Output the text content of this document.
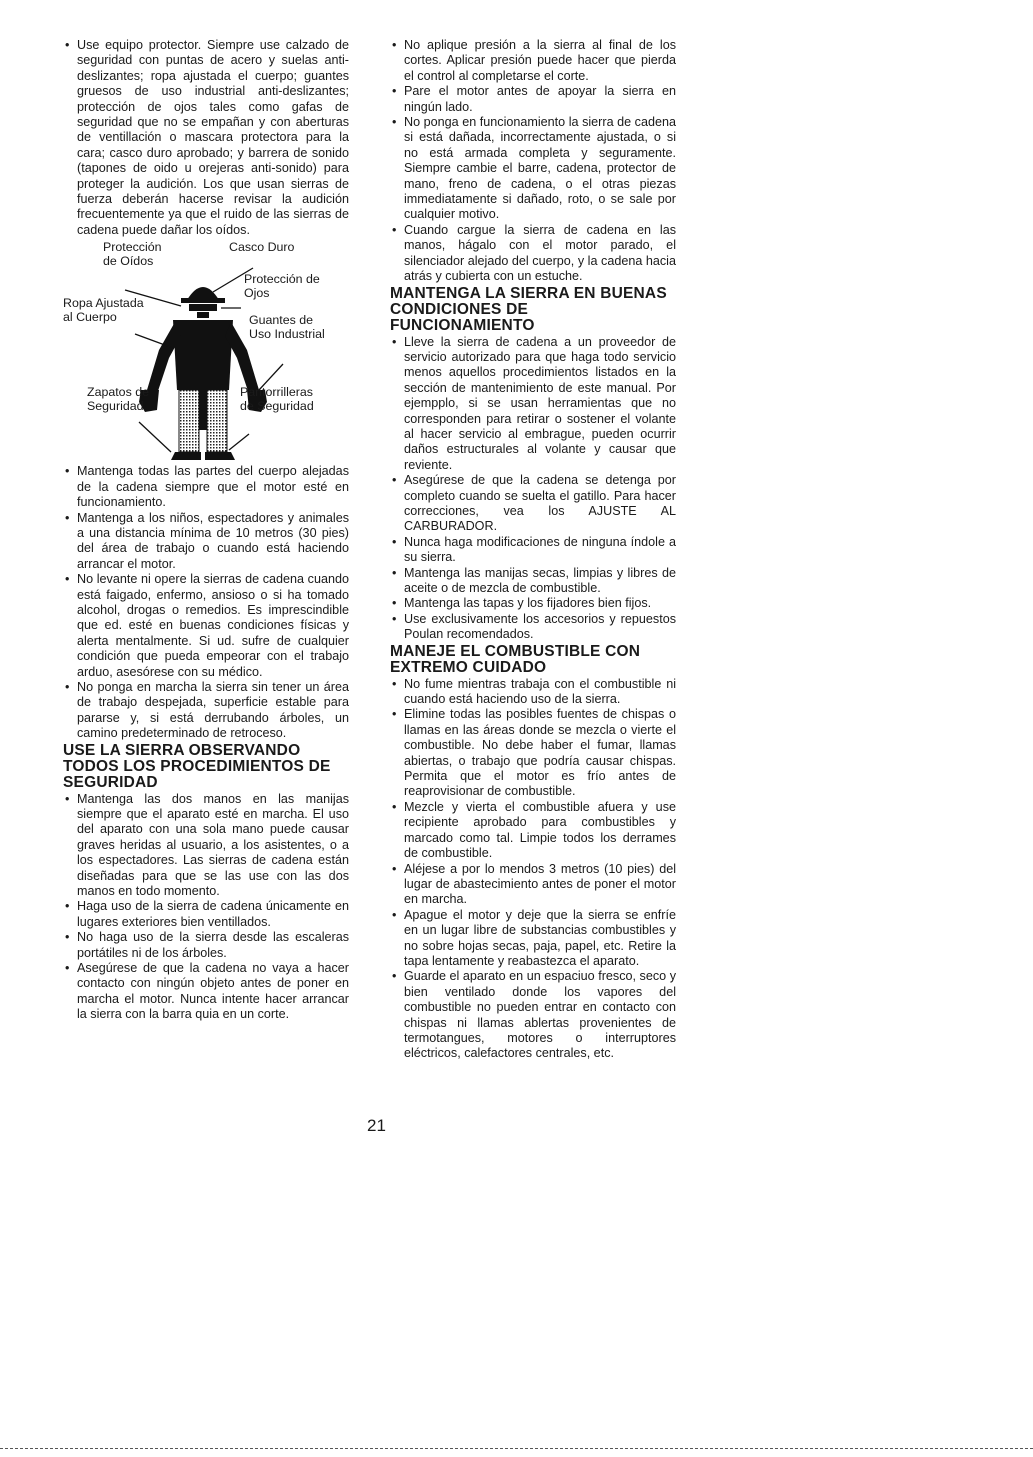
• Use equipo protector. Siempre use calzado de seguridad con puntas de acero y suelas anti-deslizantes; ropa ajustada el cuerpo; guantes gruesos de uso industrial anti-deslizantes; protección de ojos tales como gafas de seguridad que no se empañan y con aberturas de ventillación o mascara protectora para la cara; casco duro aprobado; y barrera de sonido (tapones de oido u orejeras anti-sonido) para proteger la audición. Los que usan sierras de fuerza deberán hacerse revisar la audición frecuentemente ya que el ruido de las sierras de cadena puede dañar los oídos.
Protección
de Oídos
Casco Duro
Protección de
Ojos
Ropa Ajustada
al Cuerpo	Guantes de
Uso Industrial
Zapatos de
Seguridad
Pantorrilleras
de Seguridad
• Mantenga todas las partes del cuerpo alejadas de la cadena siempre que el motor esté en funcionamiento.
• Mantenga a los niños, espectadores y animales a una distancia mínima de 10 metros (30 pies) del área de trabajo o cuando está haciendo arrancar el motor.
• No levante ni opere la sierras de cadena cuando está faigado, enfermo, ansioso o si ha tomado alcohol, drogas o remedios. Es imprescindible que ed. esté en buenas condiciones físicas y alerta mentalmente. Si ud. sufre de cualquier condición que pueda empeorar con el trabajo arduo, asesórese con su médico.
• No ponga en marcha la sierra sin tener un área de trabajo despejada, superficie estable para pararse y, si está derrubando árboles, un camino predeterminado de retroceso.
USE LA SIERRA OBSERVANDO TODOS LOS PROCEDIMIENTOS DE SEGURIDAD
• Mantenga las dos manos en las manijas siempre que el aparato esté en marcha. El uso del aparato con una sola mano puede causar graves heridas al usuario, a los asistentes, o a los espectadores. Las sierras de cadena están diseñadas para que se las use con las dos manos en todo momento.
• Haga uso de la sierra de cadena únicamente en lugares exteriores bien ventillados.
• No haga uso de la sierra desde las escaleras portátiles ni de los árboles.
• Asegúrese de que la cadena no vaya a hacer contacto con ningún objeto antes de poner en marcha el motor. Nunca intente hacer arrancar la sierra con la barra quia en un corte.
• No aplique presión a la sierra al final de los cortes. Aplicar presión puede hacer que pierda el control al completarse el corte.
• Pare el motor antes de apoyar la sierra en ningún lado.
• No ponga en funcionamiento la sierra de cadena si está dañada, incorrectamente ajustada, o si no está armada completa y seguramente. Siempre cambie el barre, cadena, protector de mano, freno de cadena, o el otras piezas immediatamente si dañado, roto, o se sale por cualquier motivo.
• Cuando cargue la sierra de cadena en las manos, hágalo con el motor parado, el silenciador alejado del cuerpo, y la cadena hacia atrás y cubierta con un estuche.
MANTENGA LA SIERRA EN BUENAS CONDICIONES DE FUNCIONAMIENTO
• Lleve la sierra de cadena a un proveedor de servicio autorizado para que haga todo servicio menos aquellos procedimientos listados en la sección de mantenimiento de este manual. Por ejempplo, si se usan herramientas que no corresponden para retirar o sostener el volante al hacer servicio al embrague, pueden ocurrir daños estructurales al volante y causar que reviente.
• Asegúrese de que la cadena se detenga por completo cuando se suelta el gatillo. Para hacer correcciones, vea los AJUSTE AL CARBURADOR.
• Nunca haga modificaciones de ninguna índole a su sierra.
• Mantenga las manijas secas, limpias y libres de aceite o de mezcla de combustible.
• Mantenga las tapas y los fijadores bien fijos.
• Use exclusivamente los accesorios y repuestos Poulan recomendados.
MANEJE EL COMBUSTIBLE CON EXTREMO CUIDADO
• No fume mientras trabaja con el combustible ni cuando está haciendo uso de la sierra.
• Elimine todas las posibles fuentes de chispas o llamas en las áreas donde se mezcla o vierte el combustible. No debe haber el fumar, llamas abiertas, o trabajo que podría causar chispas. Permita que el motor es frío antes de reaprovisionar de combustible.
• Mezcle y vierta el combustible afuera y use recipiente aprobado para combustibles y marcado como tal. Limpie todos los derrames de combustible.
• Aléjese a por lo mendos 3 metros (10 pies) del lugar de abastecimiento antes de poner el motor en marcha.
• Apague el motor y deje que la sierra se enfríe en un lugar libre de substancias combustibles y no sobre hojas secas, paja, papel, etc. Retire la tapa lentamente y reabastezca el aparato.
• Guarde el aparato en un espaciuo fresco, seco y bien ventilado donde los vapores del combustible no pueden entrar en contacto con chispas ni llamas ablertas provenientes de termotangues, motores o interruptores eléctricos, calefactores centrales, etc.
21
